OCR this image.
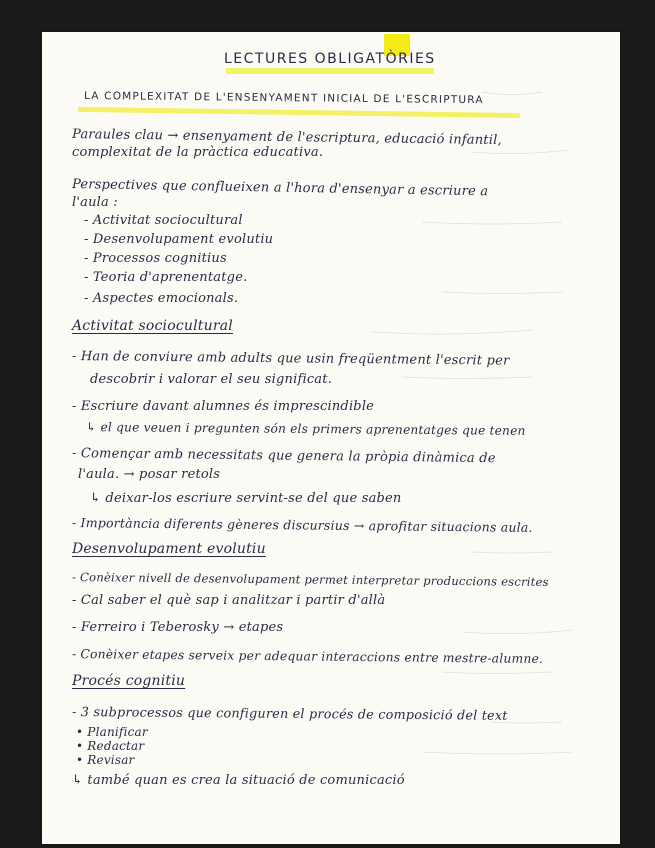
LECTURES OBLIGATÒRIES
LA COMPLEXITAT DE L'ENSENYAMENT INICIAL DE L'ESCRIPTURA
Paraules clau → ensenyament de l'escriptura, educació infantil,
complexitat de la pràctica educativa.
Perspectives que conflueixen a l'hora d'ensenyar a escriure a
l'aula :
- Activitat sociocultural
- Desenvolupament evolutiu
- Processos cognitius
- Teoria d'aprenentatge.
- Aspectes emocionals.
Activitat sociocultural
- Han de conviure amb adults que usin freqüentment l'escrit per
descobrir i valorar el seu significat.
- Escriure davant alumnes és imprescindible
↳ el que veuen i pregunten són els primers aprenentatges que tenen
- Començar amb necessitats que genera la pròpia dinàmica de
l'aula. → posar retols
↳ deixar-los escriure servint-se del que saben
- Importància diferents gèneres discursius → aprofitar situacions aula.
Desenvolupament evolutiu
- Conèixer nivell de desenvolupament permet interpretar produccions escrites
- Cal saber el què sap i analitzar i partir d'allà
- Ferreiro i Teberosky → etapes
- Conèixer etapes serveix per adequar interaccions entre mestre-alumne.
Procés cognitiu
- 3 subprocessos que configuren el procés de composició del text
• Planificar
• Redactar
• Revisar
↳ també quan es crea la situació de comunicació
